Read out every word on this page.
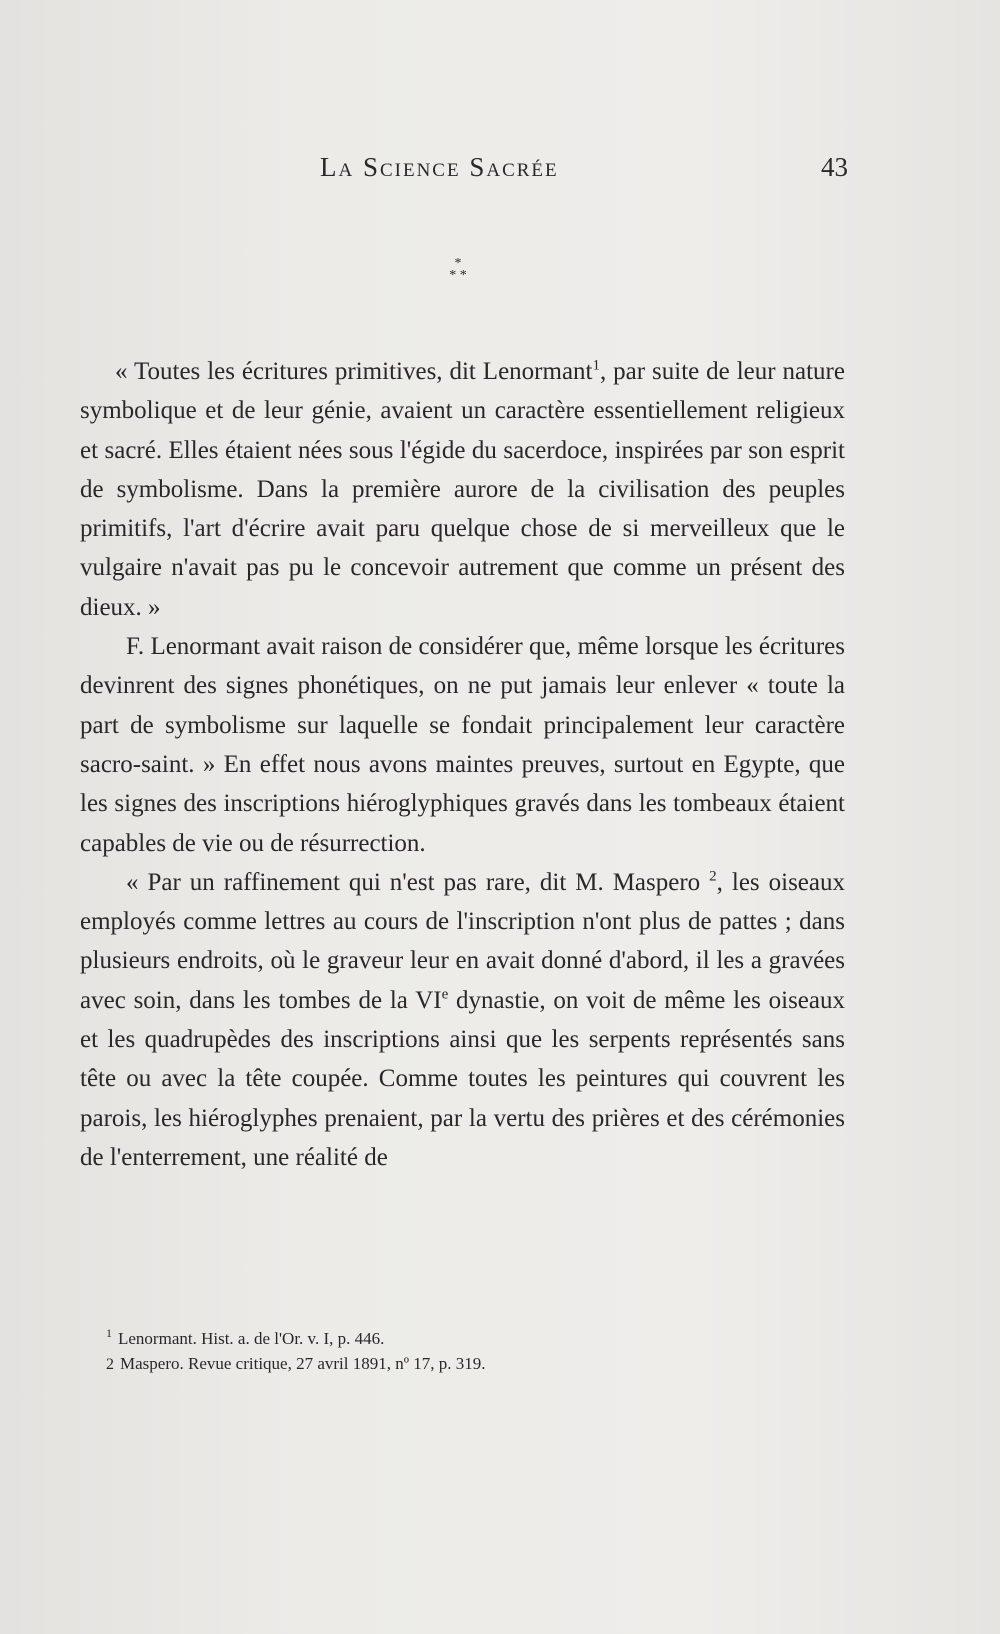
La Science Sacrée	43
*
* *

« Toutes les écritures primitives, dit Lenormant$^1$, par suite de leur nature symbolique et de leur génie, avaient un caractère essentiellement religieux et sacré. Elles étaient nées sous l'égide du sacerdoce, inspirées par son esprit de symbolisme. Dans la première aurore de la civilisation des peuples primitifs, l'art d'écrire avait paru quelque chose de si merveilleux que le vulgaire n'avait pas pu le concevoir autrement que comme un présent des dieux. »

F. Lenormant avait raison de considérer que, même lorsque les écritures devinrent des signes phonétiques, on ne put jamais leur enlever « toute la part de symbolisme sur laquelle se fondait principalement leur caractère sacro-saint. » En effet nous avons maintes preuves, surtout en Egypte, que les signes des inscriptions hiéroglyphiques gravés dans les tombeaux étaient capables de vie ou de résurrection.

« Par un raffinement qui n'est pas rare, dit M. Maspero $^2$, les oiseaux employés comme lettres au cours de l'inscription n'ont plus de pattes ; dans plusieurs endroits, où le graveur leur en avait donné d'abord, il les a gravées avec soin, dans les tombes de la VIe dynastie, on voit de même les oiseaux et les quadrupèdes des inscriptions ainsi que les serpents représentés sans tête ou avec la tête coupée. Comme toutes les peintures qui couvrent les parois, les hiéroglyphes prenaient, par la vertu des prières et des cérémonies de l'enterrement, une réalité de

$^1$ Lenormant. Hist. a. de l'Or. v. I, p. 446.

2 Maspero. Revue critique, 27 avril 1891, nº 17, p. 319.
